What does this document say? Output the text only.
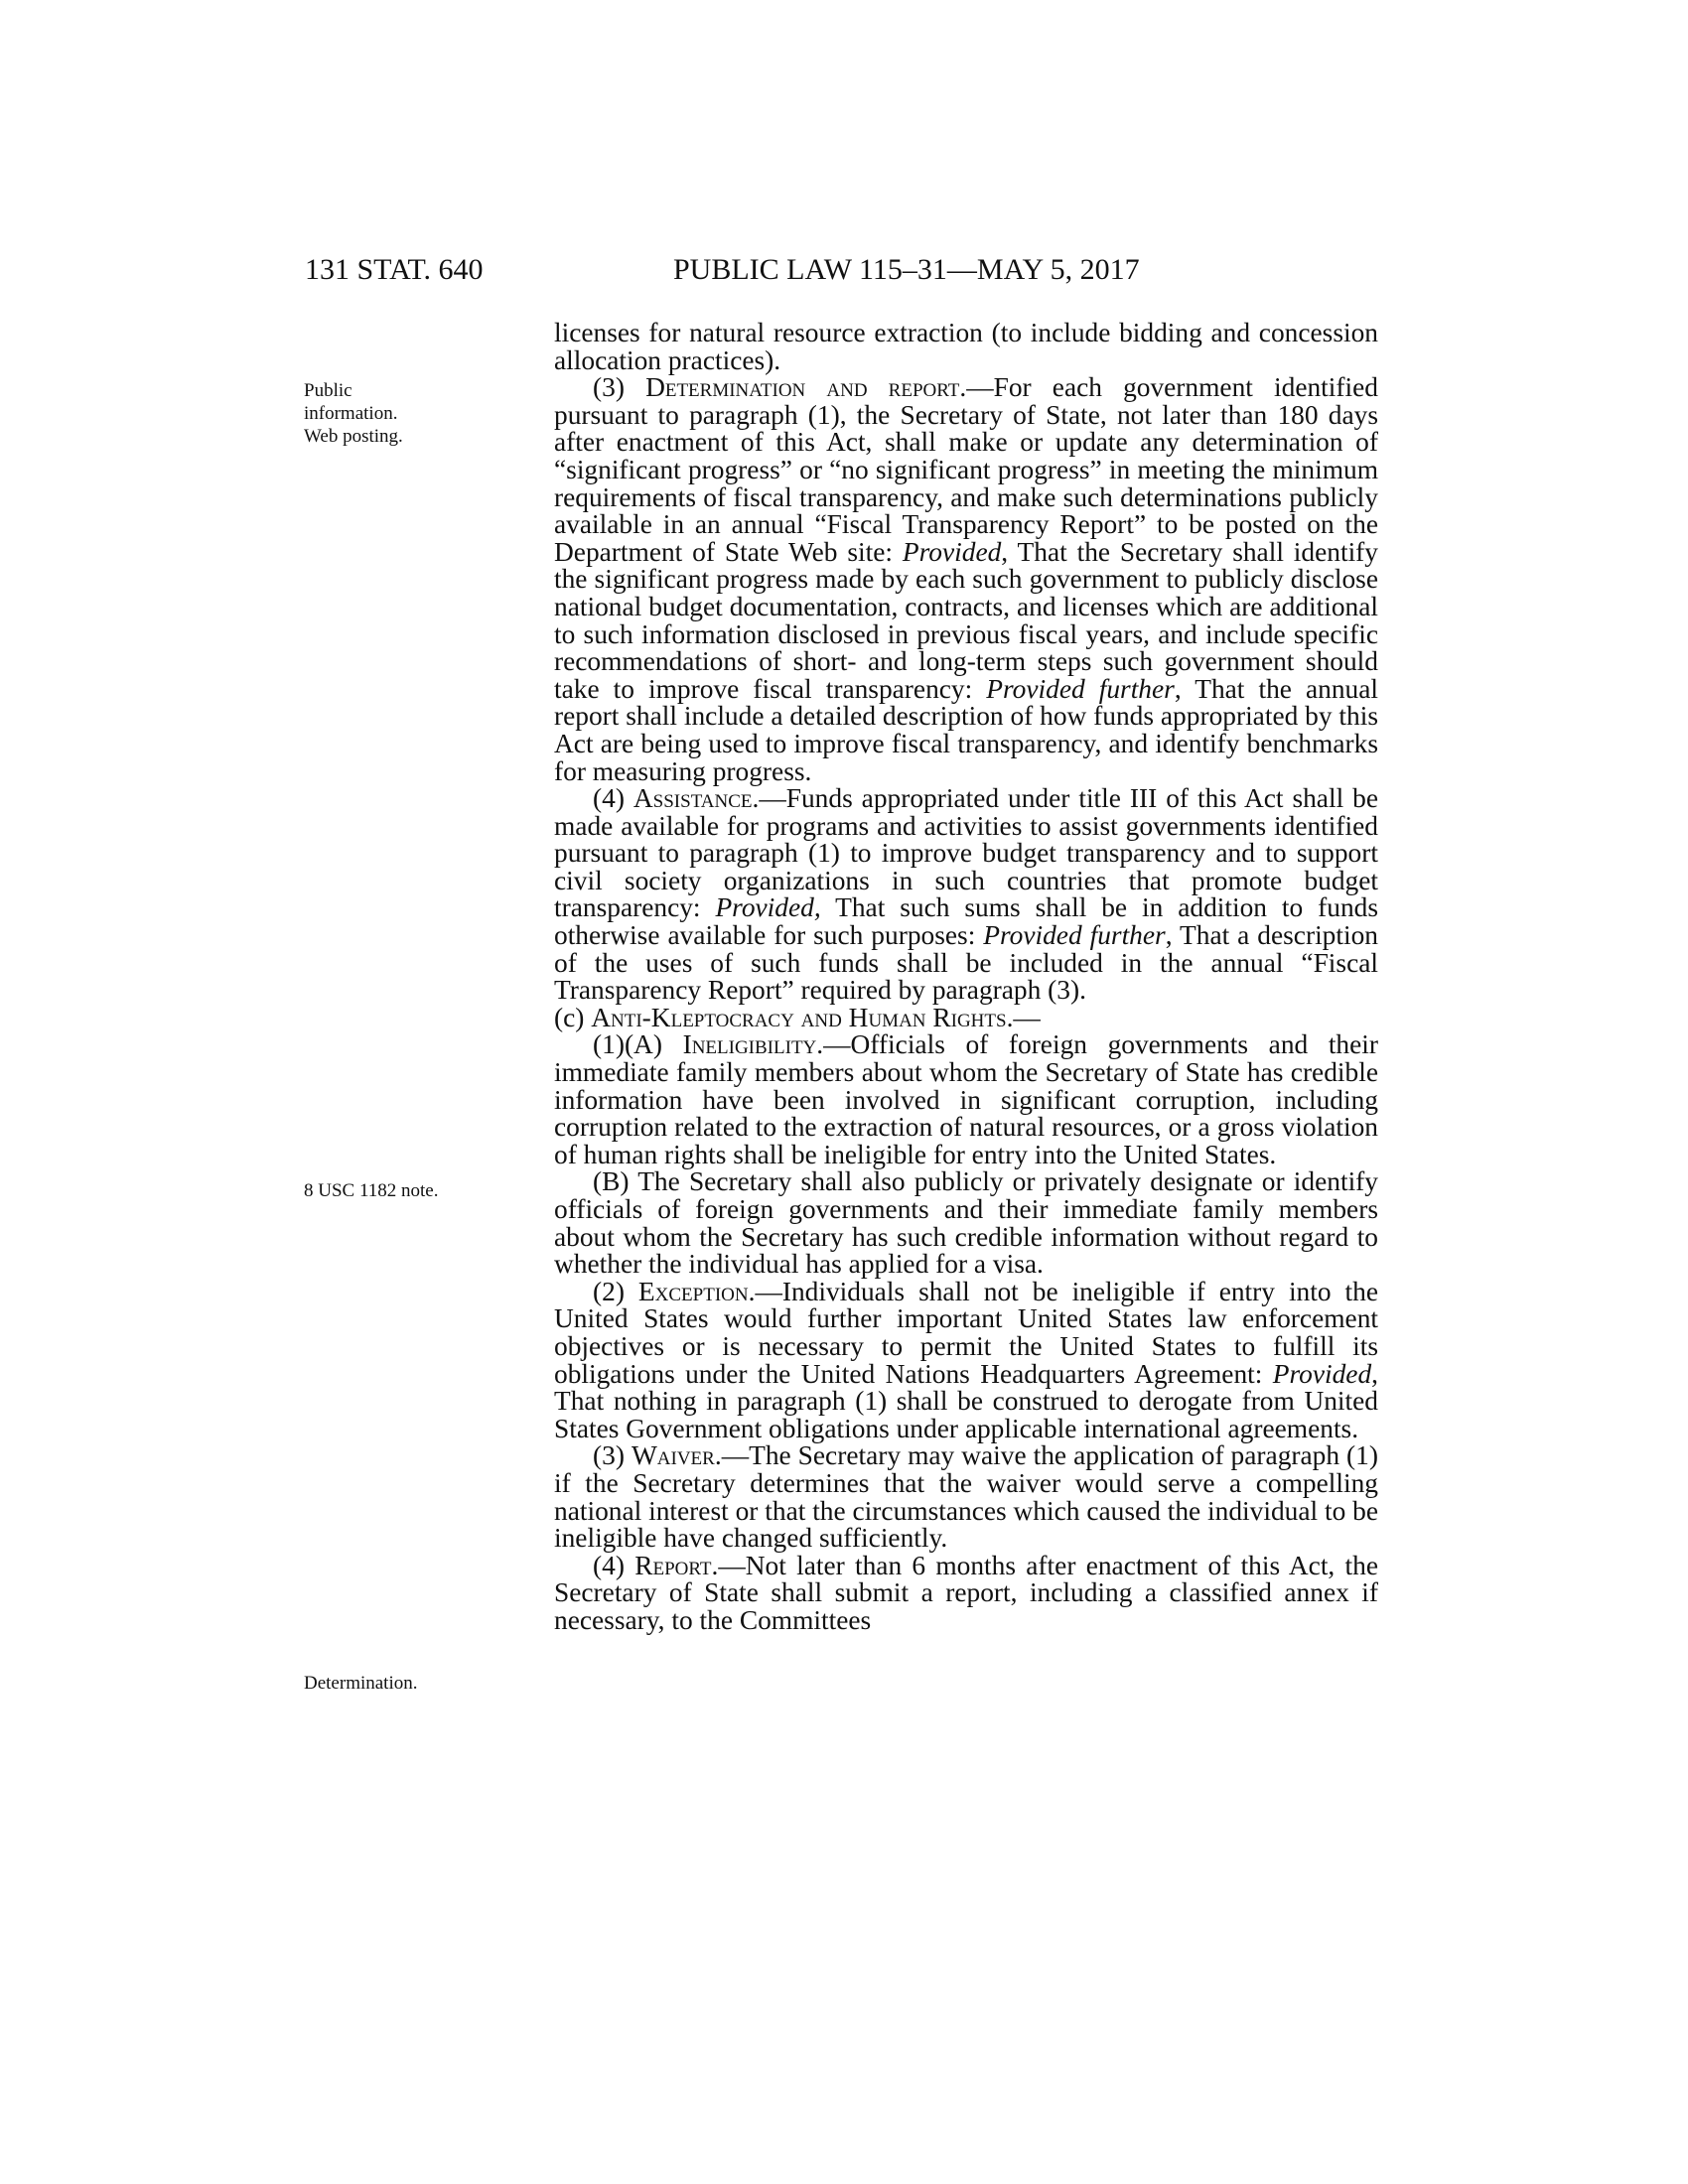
131 STAT. 640	PUBLIC LAW 115–31—MAY 5, 2017
Public
information.
Web posting.
8 USC 1182 note.
Determination.

licenses for natural resource extraction (to include bidding and concession allocation practices).

(3) Determination and report.—For each government identified pursuant to paragraph (1), the Secretary of State, not later than 180 days after enactment of this Act, shall make or update any determination of “significant progress” or “no significant progress” in meeting the minimum requirements of fiscal transparency, and make such determinations publicly available in an annual “Fiscal Transparency Report” to be posted on the Department of State Web site: Provided, That the Secretary shall identify the significant progress made by each such government to publicly disclose national budget documentation, contracts, and licenses which are additional to such information disclosed in previous fiscal years, and include specific recommendations of short- and long-term steps such government should take to improve fiscal transparency: Provided further, That the annual report shall include a detailed description of how funds appropriated by this Act are being used to improve fiscal transparency, and identify benchmarks for measuring progress.

(4) Assistance.—Funds appropriated under title III of this Act shall be made available for programs and activities to assist governments identified pursuant to paragraph (1) to improve budget transparency and to support civil society organizations in such countries that promote budget transparency: Provided, That such sums shall be in addition to funds otherwise available for such purposes: Provided further, That a description of the uses of such funds shall be included in the annual “Fiscal Transparency Report” required by paragraph (3).

(c) Anti-Kleptocracy and Human Rights.—

(1)(A) Ineligibility.—Officials of foreign governments and their immediate family members about whom the Secretary of State has credible information have been involved in significant corruption, including corruption related to the extraction of natural resources, or a gross violation of human rights shall be ineligible for entry into the United States.

(B) The Secretary shall also publicly or privately designate or identify officials of foreign governments and their immediate family members about whom the Secretary has such credible information without regard to whether the individual has applied for a visa.

(2) Exception.—Individuals shall not be ineligible if entry into the United States would further important United States law enforcement objectives or is necessary to permit the United States to fulfill its obligations under the United Nations Headquarters Agreement: Provided, That nothing in paragraph (1) shall be construed to derogate from United States Government obligations under applicable international agreements.

(3) Waiver.—The Secretary may waive the application of paragraph (1) if the Secretary determines that the waiver would serve a compelling national interest or that the circumstances which caused the individual to be ineligible have changed sufficiently.

(4) Report.—Not later than 6 months after enactment of this Act, the Secretary of State shall submit a report, including a classified annex if necessary, to the Committees
